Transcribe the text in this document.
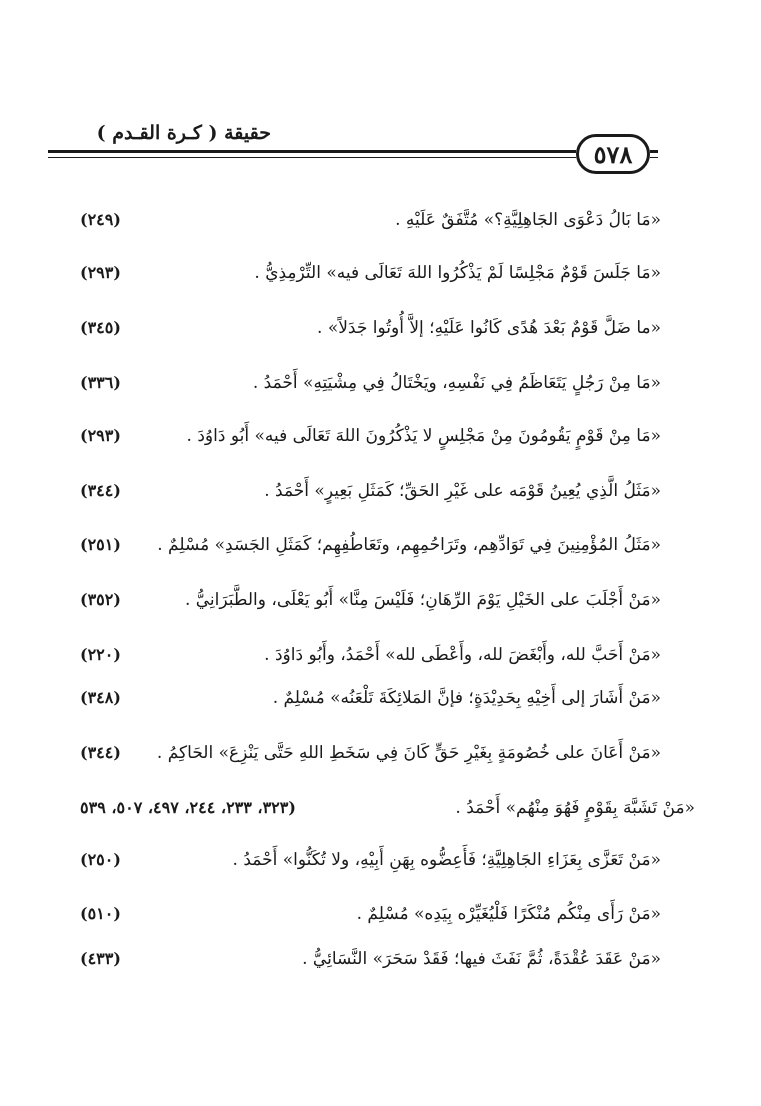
حقيقة ( كـرة القـدم )
٥٧٨
«مَا بَالُ دَعْوَى الجَاهِلِيَّةِ؟» مُتَّفَقٌ عَلَيْهِ .
(٢٤٩)
«مَا جَلَسَ قَوْمٌ مَجْلِسًا لَمْ يَذْكُرُوا اللهَ تَعَالَى فيه» التِّرْمِذِيُّ .
(٢٩٣)
«ما ضَلَّ قَوْمٌ بَعْدَ هُدًى كَانُوا عَلَيْهِ؛ إلاَّ أُوتُوا جَدَلاً» .
(٣٤٥)
«مَا مِنْ رَجُلٍ يَتَعَاظَمُ فِي نَفْسِهِ، ويَخْتَالُ فِي مِشْيَتِهِ» أَحْمَدُ .
(٣٣٦)
«مَا مِنْ قَوْمٍ يَقُومُونَ مِنْ مَجْلِسٍ لا يَذْكُرُونَ اللهَ تَعَالَى فيه» أَبُو دَاوُدَ .
(٢٩٣)
«مَثَلُ الَّذِي يُعِينُ قَوْمَه على غَيْرِ الحَقِّ؛ كَمَثَلِ بَعِيرٍ» أَحْمَدُ .
(٣٤٤)
«مَثَلُ المُؤْمِنِينَ فِي تَوَادِّهِم، وتَرَاحُمِهِم، وتَعَاطُفِهِم؛ كَمَثَلِ الجَسَدِ» مُسْلِمٌ .
(٢٥١)
«مَنْ أَجْلَبَ على الخَيْلِ يَوْمَ الرِّهَانِ؛ فَلَيْسَ مِنَّا» أَبُو يَعْلَى، والطَّبَرَانِيُّ .
(٣٥٢)
«مَنْ أَحَبَّ لله، وأَبْغَضَ لله، وأَعْطَى لله» أَحْمَدُ، وأَبُو دَاوُدَ .
(٢٢٠)
«مَنْ أَشَارَ إلى أَخِيْهِ بِحَدِيْدَةٍ؛ فإنَّ المَلائِكَةَ تَلْعَنُه» مُسْلِمٌ .
(٣٤٨)
«مَنْ أَعَانَ على خُصُومَةٍ بِغَيْرِ حَقٍّ كَانَ فِي سَخَطِ اللهِ حَتَّى يَنْزِعَ» الحَاكِمُ .
(٣٤٤)
«مَنْ تَشَبَّهَ بِقَوْمٍ فَهُوَ مِنْهُم» أَحْمَدُ .
(٣٢٣، ٢٣٣، ٢٤٤، ٤٩٧، ٥٠٧، ٥٣٩
«مَنْ تَعَزَّى بِعَزَاءِ الجَاهِلِيَّةِ؛ فَأَعِضُّوه بِهَنِ أَبِيْهِ، ولا تُكَنُّوا» أَحْمَدُ .
(٢٥٠)
«مَنْ رَأَى مِنْكُم مُنْكَرًا فَلْيُغَيِّرْه بِيَدِه» مُسْلِمٌ .
(٥١٠)
«مَنْ عَقَدَ عُقْدَةً، ثُمَّ نَفَثَ فيها؛ فَقَدْ سَحَرَ» النَّسَائِيُّ .
(٤٣٣)
